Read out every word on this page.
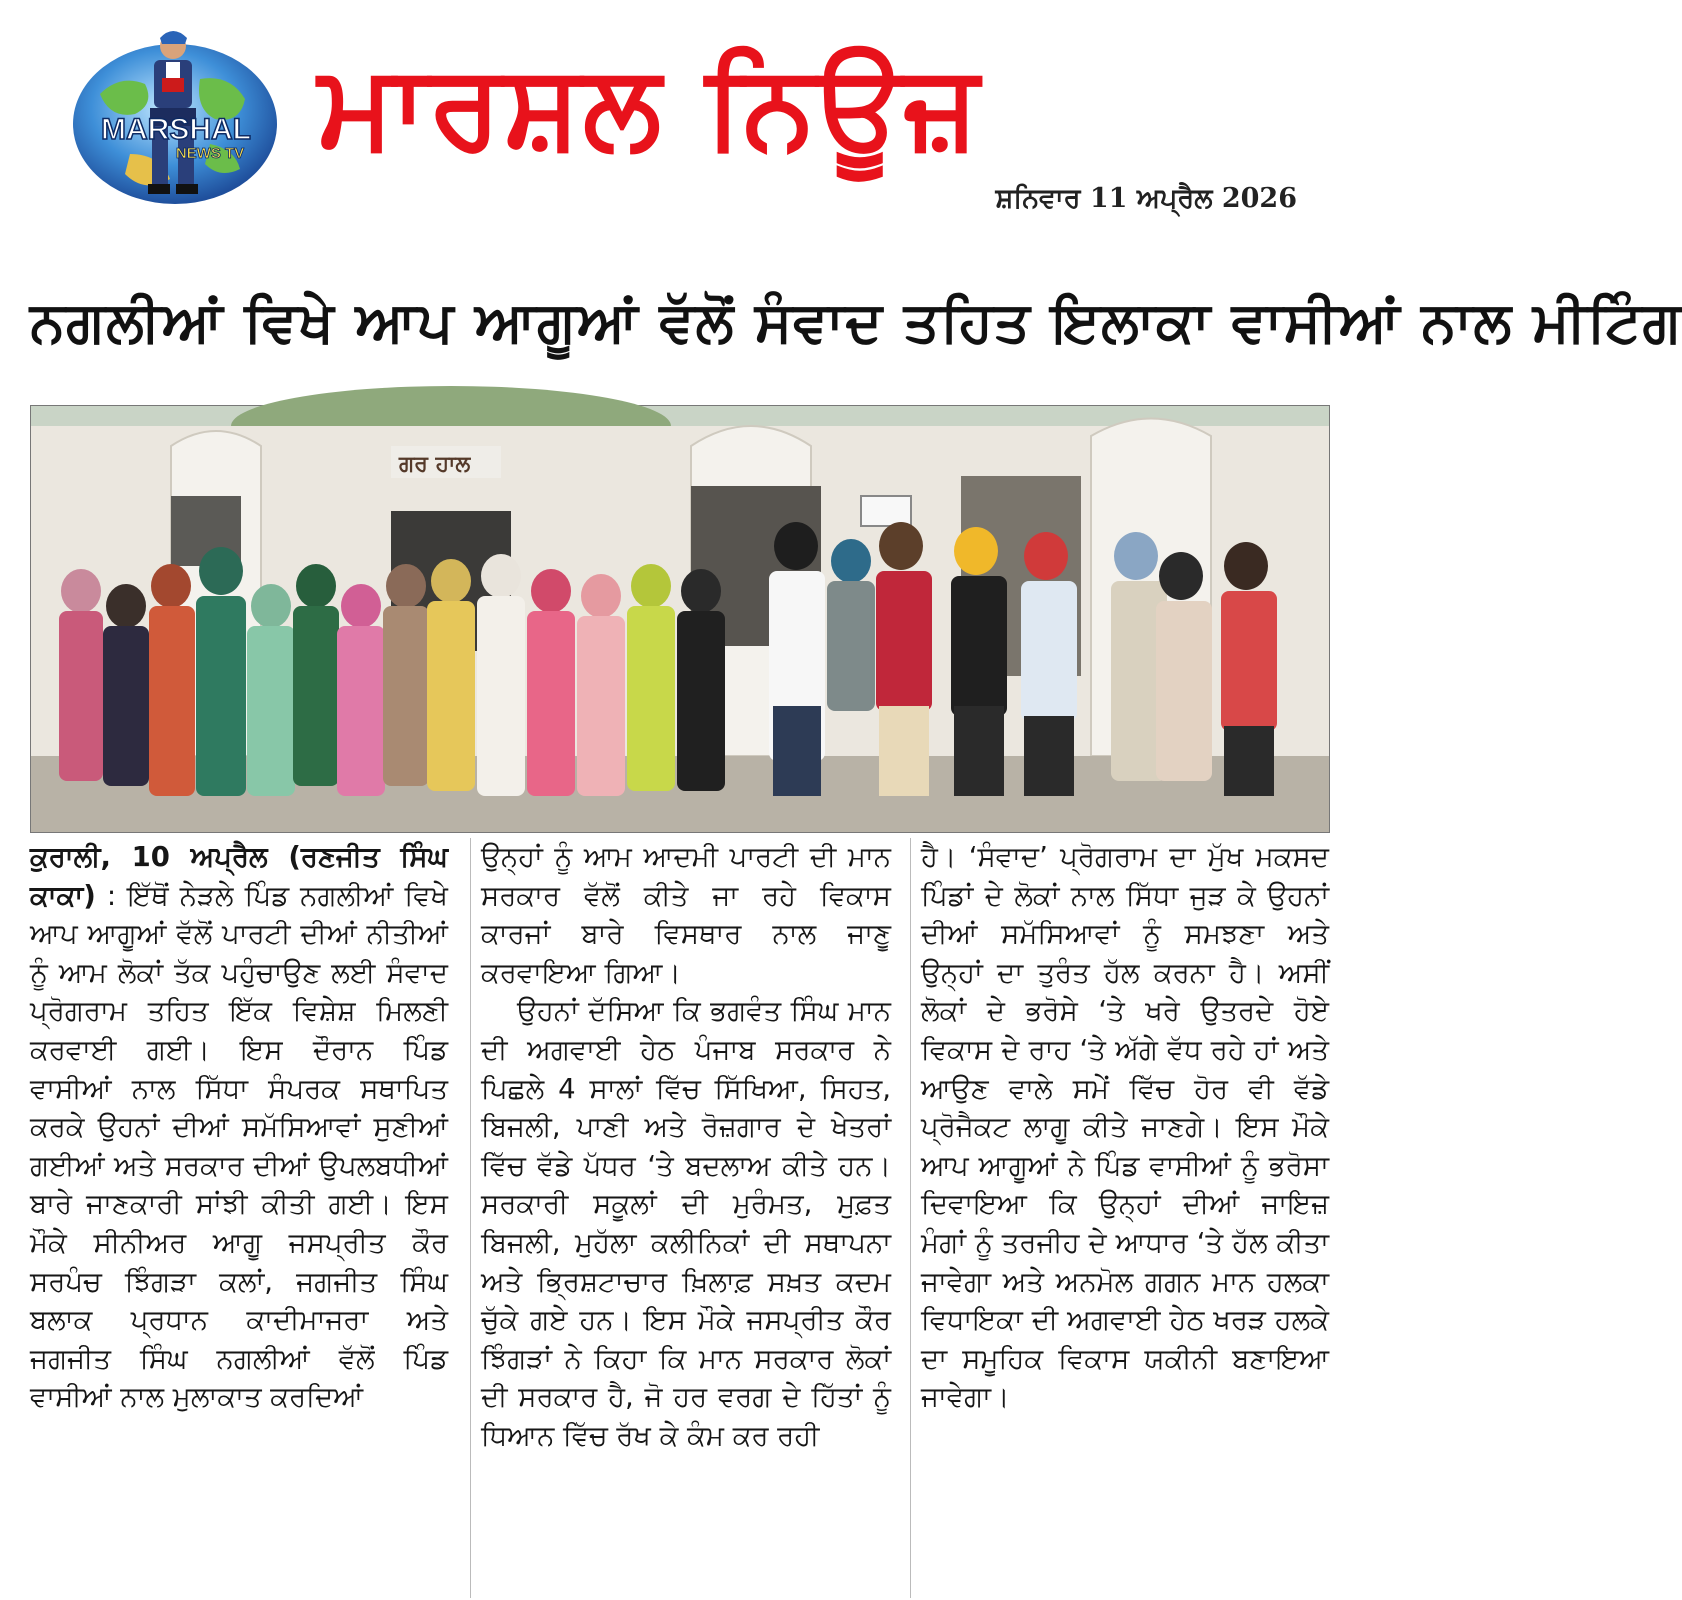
MARSHAL
NEWS TV ਮਾਰਸ਼ਲ ਨਿਊਜ਼
ਸ਼ਨਿਵਾਰ 11 ਅਪ੍ਰੈਲ 2026
ਨਗਲੀਆਂ ਵਿਖੇ ਆਪ ਆਗੂਆਂ ਵੱਲੋਂ ਸੰਵਾਦ ਤਹਿਤ ਇਲਾਕਾ ਵਾਸੀਆਂ ਨਾਲ ਮੀਟਿੰਗ
ਗਰ ਹਾਲ
ਕੁਰਾਲੀ, 10 ਅਪ੍ਰੈਲ (ਰਣਜੀਤ ਸਿੰਘ ਕਾਕਾ) : ਇੱਥੋਂ ਨੇੜਲੇ ਪਿੰਡ ਨਗਲੀਆਂ ਵਿਖੇ ਆਪ ਆਗੂਆਂ ਵੱਲੋਂ ਪਾਰਟੀ ਦੀਆਂ ਨੀਤੀਆਂ ਨੂੰ ਆਮ ਲੋਕਾਂ ਤੱਕ ਪਹੁੰਚਾਉਣ ਲਈ ਸੰਵਾਦ ਪ੍ਰੋਗਰਾਮ ਤਹਿਤ ਇੱਕ ਵਿਸ਼ੇਸ਼ ਮਿਲਣੀ ਕਰਵਾਈ ਗਈ। ਇਸ ਦੌਰਾਨ ਪਿੰਡ ਵਾਸੀਆਂ ਨਾਲ ਸਿੱਧਾ ਸੰਪਰਕ ਸਥਾਪਿਤ ਕਰਕੇ ਉਹਨਾਂ ਦੀਆਂ ਸਮੱਸਿਆਵਾਂ ਸੁਣੀਆਂ ਗਈਆਂ ਅਤੇ ਸਰਕਾਰ ਦੀਆਂ ਉਪਲਬਧੀਆਂ ਬਾਰੇ ਜਾਣਕਾਰੀ ਸਾਂਝੀ ਕੀਤੀ ਗਈ। ਇਸ ਮੌਕੇ ਸੀਨੀਅਰ ਆਗੂ ਜਸਪ੍ਰੀਤ ਕੌਰ ਸਰਪੰਚ ਝਿੰਗੜਾ ਕਲਾਂ, ਜਗਜੀਤ ਸਿੰਘ ਬਲਾਕ ਪ੍ਰਧਾਨ ਕਾਦੀਮਾਜਰਾ ਅਤੇ ਜਗਜੀਤ ਸਿੰਘ ਨਗਲੀਆਂ ਵੱਲੋਂ ਪਿੰਡ ਵਾਸੀਆਂ ਨਾਲ ਮੁਲਾਕਾਤ ਕਰਦਿਆਂ
ਉਨ੍ਹਾਂ ਨੂੰ ਆਮ ਆਦਮੀ ਪਾਰਟੀ ਦੀ ਮਾਨ ਸਰਕਾਰ ਵੱਲੋਂ ਕੀਤੇ ਜਾ ਰਹੇ ਵਿਕਾਸ ਕਾਰਜਾਂ ਬਾਰੇ ਵਿਸਥਾਰ ਨਾਲ ਜਾਣੂ ਕਰਵਾਇਆ ਗਿਆ।
ਉਹਨਾਂ ਦੱਸਿਆ ਕਿ ਭਗਵੰਤ ਸਿੰਘ ਮਾਨ ਦੀ ਅਗਵਾਈ ਹੇਠ ਪੰਜਾਬ ਸਰਕਾਰ ਨੇ ਪਿਛਲੇ 4 ਸਾਲਾਂ ਵਿੱਚ ਸਿੱਖਿਆ, ਸਿਹਤ, ਬਿਜਲੀ, ਪਾਣੀ ਅਤੇ ਰੋਜ਼ਗਾਰ ਦੇ ਖੇਤਰਾਂ ਵਿੱਚ ਵੱਡੇ ਪੱਧਰ ‘ਤੇ ਬਦਲਾਅ ਕੀਤੇ ਹਨ। ਸਰਕਾਰੀ ਸਕੂਲਾਂ ਦੀ ਮੁਰੰਮਤ, ਮੁਫ਼ਤ ਬਿਜਲੀ, ਮੁਹੱਲਾ ਕਲੀਨਿਕਾਂ ਦੀ ਸਥਾਪਨਾ ਅਤੇ ਭ੍ਰਿਸ਼ਟਾਚਾਰ ਖ਼ਿਲਾਫ਼ ਸਖ਼ਤ ਕਦਮ ਚੁੱਕੇ ਗਏ ਹਨ। ਇਸ ਮੌਕੇ ਜਸਪ੍ਰੀਤ ਕੌਰ ਝਿੰਗੜਾਂ ਨੇ ਕਿਹਾ ਕਿ ਮਾਨ ਸਰਕਾਰ ਲੋਕਾਂ ਦੀ ਸਰਕਾਰ ਹੈ, ਜੋ ਹਰ ਵਰਗ ਦੇ ਹਿੱਤਾਂ ਨੂੰ ਧਿਆਨ ਵਿੱਚ ਰੱਖ ਕੇ ਕੰਮ ਕਰ ਰਹੀ
ਹੈ। ‘ਸੰਵਾਦ’ ਪ੍ਰੋਗਰਾਮ ਦਾ ਮੁੱਖ ਮਕਸਦ ਪਿੰਡਾਂ ਦੇ ਲੋਕਾਂ ਨਾਲ ਸਿੱਧਾ ਜੁੜ ਕੇ ਉਹਨਾਂ ਦੀਆਂ ਸਮੱਸਿਆਵਾਂ ਨੂੰ ਸਮਝਣਾ ਅਤੇ ਉਨ੍ਹਾਂ ਦਾ ਤੁਰੰਤ ਹੱਲ ਕਰਨਾ ਹੈ। ਅਸੀਂ ਲੋਕਾਂ ਦੇ ਭਰੋਸੇ ‘ਤੇ ਖਰੇ ਉਤਰਦੇ ਹੋਏ ਵਿਕਾਸ ਦੇ ਰਾਹ ‘ਤੇ ਅੱਗੇ ਵੱਧ ਰਹੇ ਹਾਂ ਅਤੇ ਆਉਣ ਵਾਲੇ ਸਮੇਂ ਵਿੱਚ ਹੋਰ ਵੀ ਵੱਡੇ ਪ੍ਰੋਜੈਕਟ ਲਾਗੂ ਕੀਤੇ ਜਾਣਗੇ। ਇਸ ਮੌਕੇ ਆਪ ਆਗੂਆਂ ਨੇ ਪਿੰਡ ਵਾਸੀਆਂ ਨੂੰ ਭਰੋਸਾ ਦਿਵਾਇਆ ਕਿ ਉਨ੍ਹਾਂ ਦੀਆਂ ਜਾਇਜ਼ ਮੰਗਾਂ ਨੂੰ ਤਰਜੀਹ ਦੇ ਆਧਾਰ ‘ਤੇ ਹੱਲ ਕੀਤਾ ਜਾਵੇਗਾ ਅਤੇ ਅਨਮੋਲ ਗਗਨ ਮਾਨ ਹਲਕਾ ਵਿਧਾਇਕਾ ਦੀ ਅਗਵਾਈ ਹੇਠ ਖਰੜ ਹਲਕੇ ਦਾ ਸਮੂਹਿਕ ਵਿਕਾਸ ਯਕੀਨੀ ਬਣਾਇਆ ਜਾਵੇਗਾ।
